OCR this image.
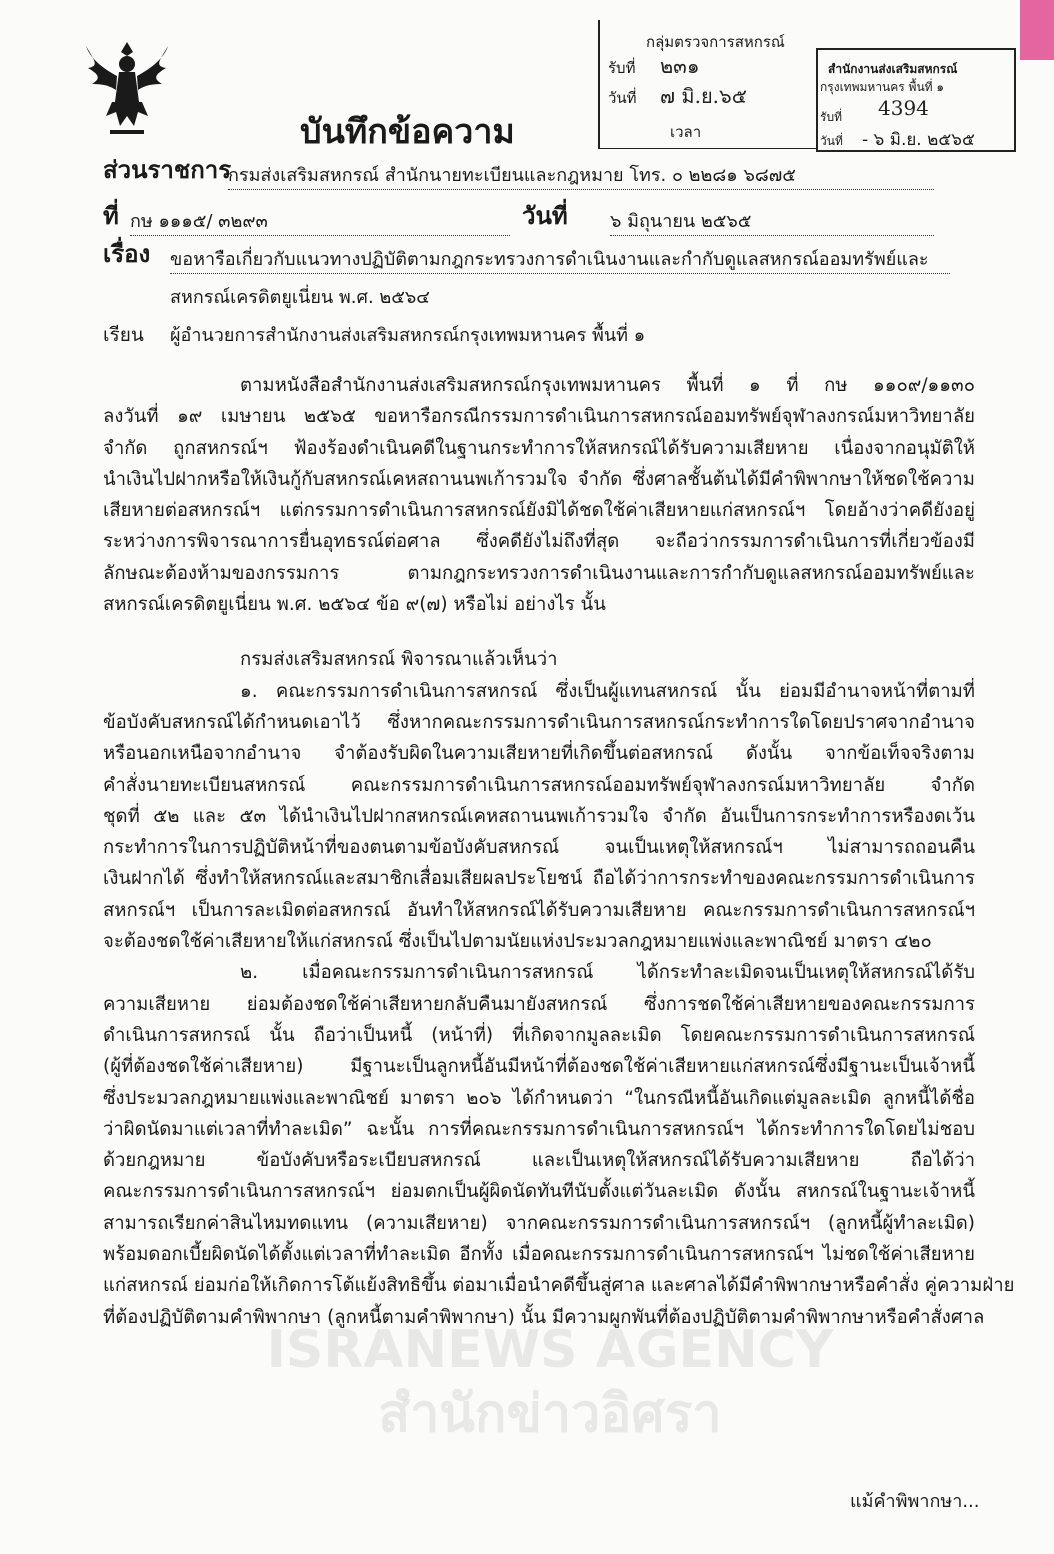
บันทึกข้อความ
กลุ่มตรวจการสหกรณ์
รับที่ ๒๓๑
วันที่ ๗ มิ.ย.๖๕
เวลา
สำนักงานส่งเสริมสหกรณ์
กรุงเทพมหานคร พื้นที่ ๑
รับที่ 4394
วันที่ - ๖ มิ.ย. ๒๕๖๕
ส่วนราชการ
กรมส่งเสริมสหกรณ์ สำนักนายทะเบียนและกฎหมาย โทร. ๐ ๒๒๘๑ ๖๘๗๕
ที่ กษ ๑๑๑๕/ ๓๒๙๓	วันที่ ๖ มิถุนายน ๒๕๖๕
เรื่อง ขอหารือเกี่ยวกับแนวทางปฏิบัติตามกฎกระทรวงการดำเนินงานและกำกับดูแลสหกรณ์ออมทรัพย์และ
สหกรณ์เครดิตยูเนี่ยน พ.ศ. ๒๕๖๔
เรียน ผู้อำนวยการสำนักงานส่งเสริมสหกรณ์กรุงเทพมหานคร พื้นที่ ๑
ตามหนังสือสำนักงานส่งเสริมสหกรณ์กรุงเทพมหานคร พื้นที่ ๑ ที่ กษ ๑๑๐๙/๑๑๓๐
ลงวันที่ ๑๙ เมษายน ๒๕๖๕ ขอหารือกรณีกรรมการดำเนินการสหกรณ์ออมทรัพย์จุฬาลงกรณ์มหาวิทยาลัย
จำกัด ถูกสหกรณ์ฯ ฟ้องร้องดำเนินคดีในฐานกระทำการให้สหกรณ์ได้รับความเสียหาย เนื่องจากอนุมัติให้
นำเงินไปฝากหรือให้เงินกู้กับสหกรณ์เคหสถานนพเก้ารวมใจ จำกัด ซึ่งศาลชั้นต้นได้มีคำพิพากษาให้ชดใช้ความ
เสียหายต่อสหกรณ์ฯ แต่กรรมการดำเนินการสหกรณ์ยังมิได้ชดใช้ค่าเสียหายแก่สหกรณ์ฯ โดยอ้างว่าคดียังอยู่
ระหว่างการพิจารณาการยื่นอุทธรณ์ต่อศาล ซึ่งคดียังไม่ถึงที่สุด จะถือว่ากรรมการดำเนินการที่เกี่ยวข้องมี
ลักษณะต้องห้ามของกรรมการ ตามกฎกระทรวงการดำเนินงานและการกำกับดูแลสหกรณ์ออมทรัพย์และ
สหกรณ์เครดิตยูเนี่ยน พ.ศ. ๒๕๖๔ ข้อ ๙(๗) หรือไม่ อย่างไร นั้น
กรมส่งเสริมสหกรณ์ พิจารณาแล้วเห็นว่า
๑. คณะกรรมการดำเนินการสหกรณ์ ซึ่งเป็นผู้แทนสหกรณ์ นั้น ย่อมมีอำนาจหน้าที่ตามที่
ข้อบังคับสหกรณ์ได้กำหนดเอาไว้ ซึ่งหากคณะกรรมการดำเนินการสหกรณ์กระทำการใดโดยปราศจากอำนาจ
หรือนอกเหนือจากอำนาจ จำต้องรับผิดในความเสียหายที่เกิดขึ้นต่อสหกรณ์ ดังนั้น จากข้อเท็จจริงตาม
คำสั่งนายทะเบียนสหกรณ์ คณะกรรมการดำเนินการสหกรณ์ออมทรัพย์จุฬาลงกรณ์มหาวิทยาลัย จำกัด
ชุดที่ ๕๒ และ ๕๓ ได้นำเงินไปฝากสหกรณ์เคหสถานนพเก้ารวมใจ จำกัด อันเป็นการกระทำการหรืองดเว้น
กระทำการในการปฏิบัติหน้าที่ของตนตามข้อบังคับสหกรณ์ จนเป็นเหตุให้สหกรณ์ฯ ไม่สามารถถอนคืน
เงินฝากได้ ซึ่งทำให้สหกรณ์และสมาชิกเสื่อมเสียผลประโยชน์ ถือได้ว่าการกระทำของคณะกรรมการดำเนินการ
สหกรณ์ฯ เป็นการละเมิดต่อสหกรณ์ อันทำให้สหกรณ์ได้รับความเสียหาย คณะกรรมการดำเนินการสหกรณ์ฯ
จะต้องชดใช้ค่าเสียหายให้แก่สหกรณ์ ซึ่งเป็นไปตามนัยแห่งประมวลกฎหมายแพ่งและพาณิชย์ มาตรา ๔๒๐
๒. เมื่อคณะกรรมการดำเนินการสหกรณ์ ได้กระทำละเมิดจนเป็นเหตุให้สหกรณ์ได้รับ
ความเสียหาย ย่อมต้องชดใช้ค่าเสียหายกลับคืนมายังสหกรณ์ ซึ่งการชดใช้ค่าเสียหายของคณะกรรมการ
ดำเนินการสหกรณ์ นั้น ถือว่าเป็นหนี้ (หน้าที่) ที่เกิดจากมูลละเมิด โดยคณะกรรมการดำเนินการสหกรณ์
(ผู้ที่ต้องชดใช้ค่าเสียหาย) มีฐานะเป็นลูกหนี้อันมีหน้าที่ต้องชดใช้ค่าเสียหายแก่สหกรณ์ซึ่งมีฐานะเป็นเจ้าหนี้
ซึ่งประมวลกฎหมายแพ่งและพาณิชย์ มาตรา ๒๐๖ ได้กำหนดว่า “ในกรณีหนี้อันเกิดแต่มูลละเมิด ลูกหนี้ได้ชื่อ
ว่าผิดนัดมาแต่เวลาที่ทำละเมิด” ฉะนั้น การที่คณะกรรมการดำเนินการสหกรณ์ฯ ได้กระทำการใดโดยไม่ชอบ
ด้วยกฎหมาย ข้อบังคับหรือระเบียบสหกรณ์ และเป็นเหตุให้สหกรณ์ได้รับความเสียหาย ถือได้ว่า
คณะกรรมการดำเนินการสหกรณ์ฯ ย่อมตกเป็นผู้ผิดนัดทันทีนับตั้งแต่วันละเมิด ดังนั้น สหกรณ์ในฐานะเจ้าหนี้
สามารถเรียกค่าสินไหมทดแทน (ความเสียหาย) จากคณะกรรมการดำเนินการสหกรณ์ฯ (ลูกหนี้ผู้ทำละเมิด)
พร้อมดอกเบี้ยผิดนัดได้ตั้งแต่เวลาที่ทำละเมิด อีกทั้ง เมื่อคณะกรรมการดำเนินการสหกรณ์ฯ ไม่ชดใช้ค่าเสียหาย
แก่สหกรณ์ ย่อมก่อให้เกิดการโต้แย้งสิทธิขึ้น ต่อมาเมื่อนำคดีขึ้นสู่ศาล และศาลได้มีคำพิพากษาหรือคำสั่ง คู่ความฝ่าย
ที่ต้องปฏิบัติตามคำพิพากษา (ลูกหนี้ตามคำพิพากษา) นั้น มีความผูกพันที่ต้องปฏิบัติตามคำพิพากษาหรือคำสั่งศาล
ISRANEWS AGENCY
สำนักข่าวอิศรา
แม้คำพิพากษา...
